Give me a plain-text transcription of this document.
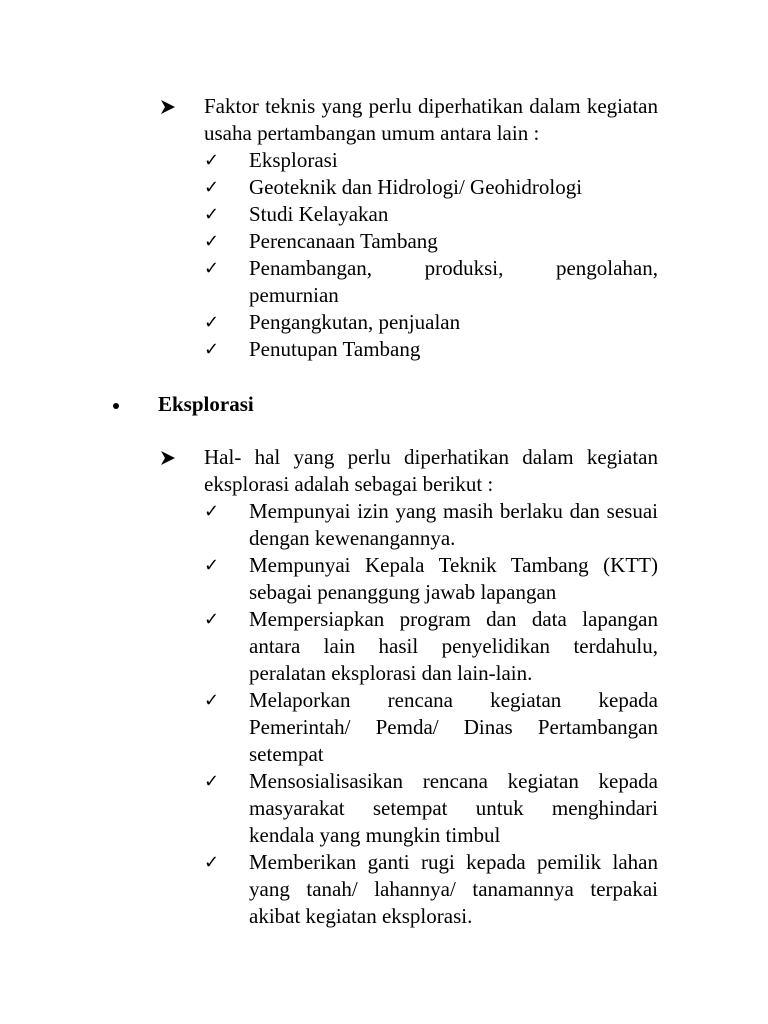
Faktor teknis yang perlu diperhatikan dalam kegiatan usaha pertambangan umum antara lain :
✓ Eksplorasi
✓ Geoteknik dan Hidrologi/ Geohidrologi
✓ Studi Kelayakan
✓ Perencanaan Tambang
✓ Penambangan, produksi, pengolahan, pemurnian
✓ Pengangkutan, penjualan
✓ Penutupan Tambang
Eksplorasi
Hal- hal yang perlu diperhatikan dalam kegiatan eksplorasi adalah sebagai berikut :
✓ Mempunyai izin yang masih berlaku dan sesuai dengan kewenangannya.
✓ Mempunyai Kepala Teknik Tambang (KTT) sebagai penanggung jawab lapangan
✓ Mempersiapkan program dan data lapangan antara lain hasil penyelidikan terdahulu, peralatan eksplorasi dan lain-lain.
✓ Melaporkan rencana kegiatan kepada Pemerintah/ Pemda/ Dinas Pertambangan setempat
✓ Mensosialisasikan rencana kegiatan kepada masyarakat setempat untuk menghindari kendala yang mungkin timbul
✓ Memberikan ganti rugi kepada pemilik lahan yang tanah/ lahannya/ tanamannya terpakai akibat kegiatan eksplorasi.
